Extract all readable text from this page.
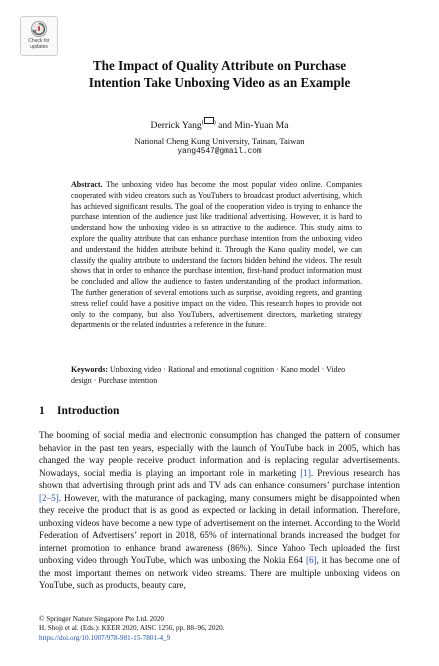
Check for
updates
The Impact of Quality Attribute on Purchase
Intention Take Unboxing Video as an Example
Derrick Yang( ) and Min-Yuan Ma
National Cheng Kung University, Tainan, Taiwan
yang4547@gmail.com
Abstract. The unboxing video has become the most popular video online. Companies cooperated with video creators such as YouTubers to broadcast product advertising, which has achieved significant results. The goal of the cooperation video is trying to enhance the purchase intention of the audience just like traditional advertising. However, it is hard to understand how the unboxing video is so attractive to the audience. This study aims to explore the quality attribute that can enhance purchase intention from the unboxing video and understand the hidden attribute behind it. Through the Kano quality model, we can classify the quality attribute to understand the factors hidden behind the videos. The result shows that in order to enhance the purchase intention, first-hand product information must be concluded and allow the audience to fasten understanding of the product information. The further generation of several emotions such as surprise, avoiding regrets, and granting stress relief could have a positive impact on the video. This research hopes to provide not only to the company, but also YouTubers, advertisement directors, marketing strategy departments or the related industries a reference in the future.
Keywords: Unboxing video · Rational and emotional cognition · Kano model · Video design · Purchase intention
1 Introduction
The booming of social media and electronic consumption has changed the pattern of consumer behavior in the past ten years, especially with the launch of YouTube back in 2005, which has changed the way people receive product information and is replacing regular advertisements. Nowadays, social media is playing an important role in marketing [1]. Previous research has shown that advertising through print ads and TV ads can enhance consumers’ purchase intention [2–5]. However, with the maturance of packaging, many consumers might be disappointed when they receive the product that is as good as expected or lacking in detail information. Therefore, unboxing videos have become a new type of advertisement on the internet. According to the World Federation of Advertisers’ report in 2018, 65% of international brands increased the budget for internet promotion to enhance brand awareness (86%). Since Yahoo Tech uploaded the first unboxing video through YouTube, which was unboxing the Nokia E64 [6], it has become one of the most important themes on network video streams. There are multiple unboxing videos on YouTube, such as products, beauty care,
© Springer Nature Singapore Pte Ltd. 2020
H. Shoji et al. (Eds.): KEER 2020, AISC 1256, pp. 88–96, 2020.
https://doi.org/10.1007/978-981-15-7801-4_9
